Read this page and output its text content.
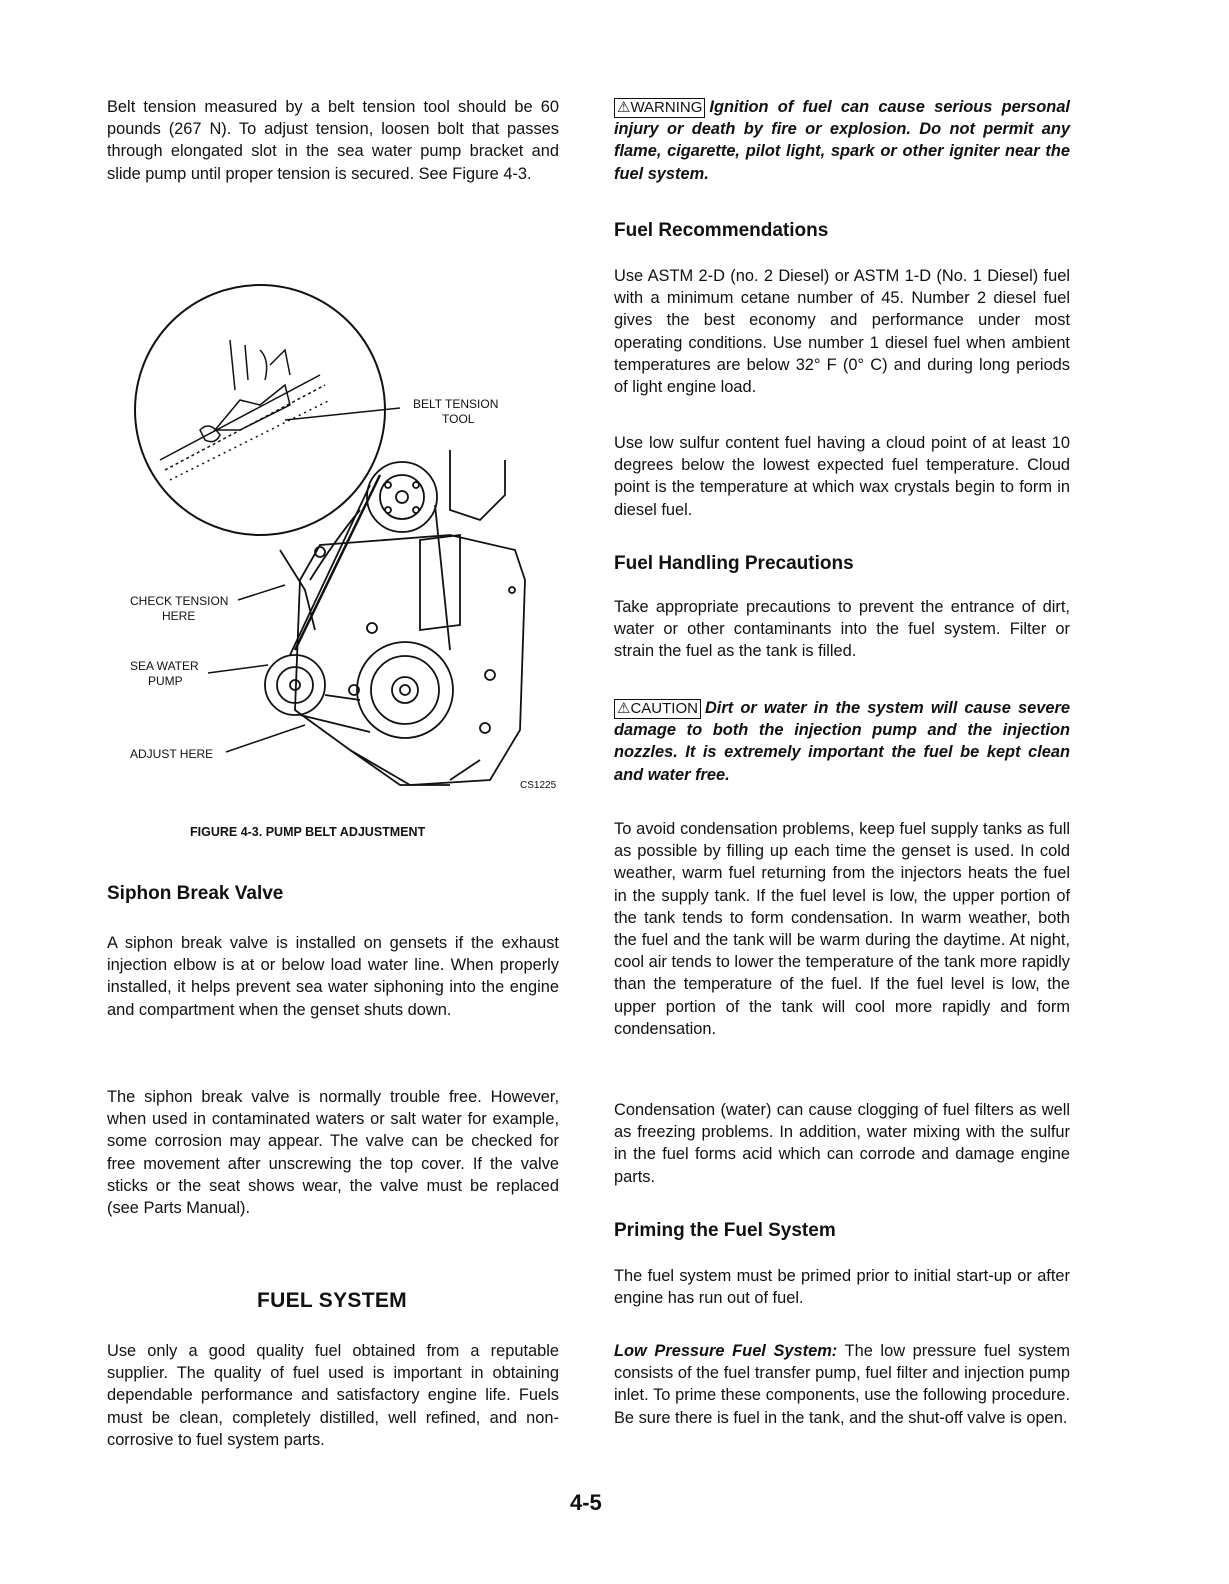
Belt tension measured by a belt tension tool should be 60 pounds (267 N). To adjust tension, loosen bolt that passes through elongated slot in the sea water pump bracket and slide pump until proper tension is secured. See Figure 4-3.

BELT TENSION
TOOL
CHECK TENSION
HERE
SEA WATER
PUMP
ADJUST HERE
CS1225
FIGURE 4-3. PUMP BELT ADJUSTMENT
Siphon Break Valve

A siphon break valve is installed on gensets if the exhaust injection elbow is at or below load water line. When properly installed, it helps prevent sea water siphoning into the engine and compartment when the genset shuts down.

The siphon break valve is normally trouble free. However, when used in contaminated waters or salt water for example, some corrosion may appear. The valve can be checked for free movement after unscrewing the top cover. If the valve sticks or the seat shows wear, the valve must be replaced (see Parts Manual).

FUEL SYSTEM

Use only a good quality fuel obtained from a reputable supplier. The quality of fuel used is important in obtaining dependable performance and satisfactory engine life. Fuels must be clean, completely distilled, well refined, and non-corrosive to fuel system parts.

⚠WARNING Ignition of fuel can cause serious personal injury or death by fire or explosion. Do not permit any flame, cigarette, pilot light, spark or other igniter near the fuel system.

Fuel Recommendations

Use ASTM 2-D (no. 2 Diesel) or ASTM 1-D (No. 1 Diesel) fuel with a minimum cetane number of 45. Number 2 diesel fuel gives the best economy and performance under most operating conditions. Use number 1 diesel fuel when ambient temperatures are below 32° F (0° C) and during long periods of light engine load.

Use low sulfur content fuel having a cloud point of at least 10 degrees below the lowest expected fuel temperature. Cloud point is the temperature at which wax crystals begin to form in diesel fuel.

Fuel Handling Precautions

Take appropriate precautions to prevent the entrance of dirt, water or other contaminants into the fuel system. Filter or strain the fuel as the tank is filled.

⚠CAUTION Dirt or water in the system will cause severe damage to both the injection pump and the injection nozzles. It is extremely important the fuel be kept clean and water free.

To avoid condensation problems, keep fuel supply tanks as full as possible by filling up each time the genset is used. In cold weather, warm fuel returning from the injectors heats the fuel in the supply tank. If the fuel level is low, the upper portion of the tank tends to form condensation. In warm weather, both the fuel and the tank will be warm during the daytime. At night, cool air tends to lower the temperature of the tank more rapidly than the temperature of the fuel. If the fuel level is low, the upper portion of the tank will cool more rapidly and form condensation.

Condensation (water) can cause clogging of fuel filters as well as freezing problems. In addition, water mixing with the sulfur in the fuel forms acid which can corrode and damage engine parts.

Priming the Fuel System

The fuel system must be primed prior to initial start-up or after engine has run out of fuel.

Low Pressure Fuel System: The low pressure fuel system consists of the fuel transfer pump, fuel filter and injection pump inlet. To prime these components, use the following procedure. Be sure there is fuel in the tank, and the shut-off valve is open.

4-5
